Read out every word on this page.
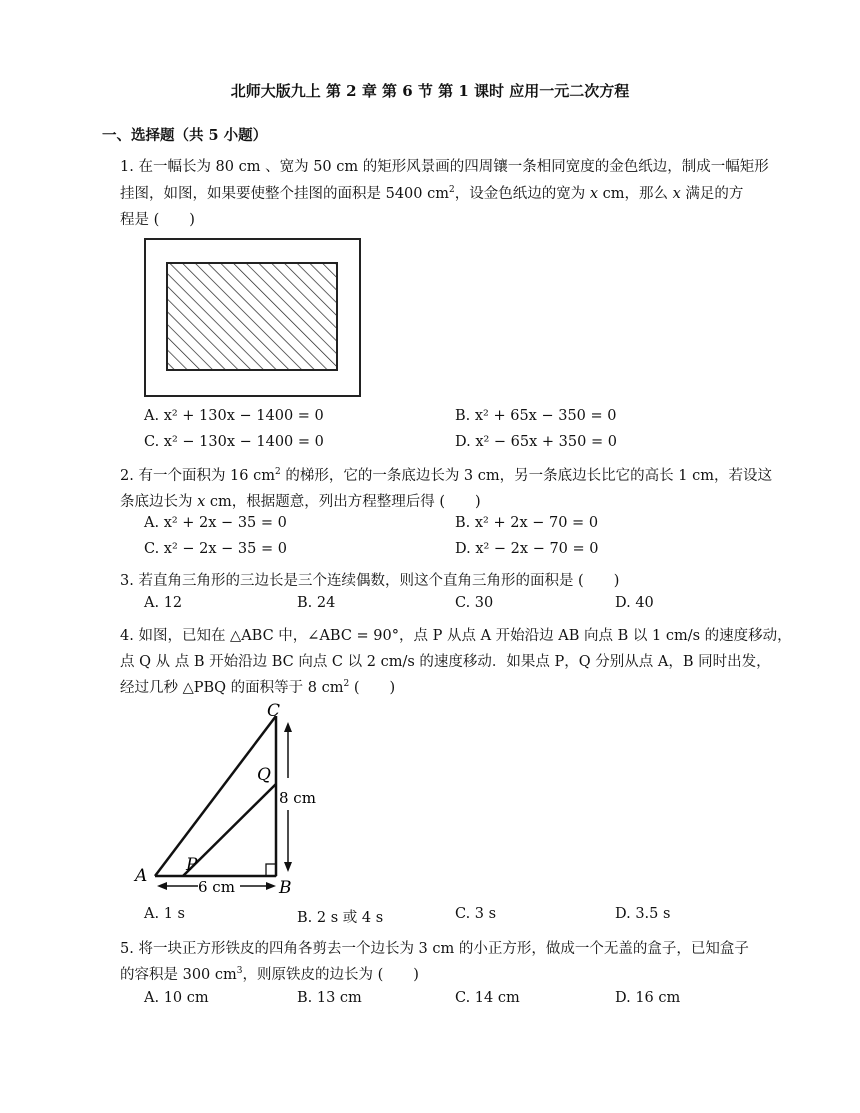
北师大版九上 第 2 章 第 6 节 第 1 课时 应用一元二次方程
一、选择题（共 5 小题）
1. 在一幅长为 80 cm 、宽为 50 cm 的矩形风景画的四周镶一条相同宽度的金色纸边，制成一幅矩形
挂图，如图，如果要使整个挂图的面积是 5400 $cm^2$，设金色纸边的宽为 x cm，那么 x 满足的方
程是 ( )
A. x² + 130x − 1400 = 0	B. x² + 65x − 350 = 0
C. x² − 130x − 1400 = 0	D. x² − 65x + 350 = 0
2. 有一个面积为 16 $cm^2$ 的梯形，它的一条底边长为 3 cm，另一条底边长比它的高长 1 cm，若设这
条底边长为 x cm，根据题意，列出方程整理后得 ( )
A. x² + 2x − 35 = 0	B. x² + 2x − 70 = 0
C. x² − 2x − 35 = 0	D. x² − 2x − 70 = 0
3. 若直角三角形的三边长是三个连续偶数，则这个直角三角形的面积是 ( )
A. 12	B. 24	C. 30	D. 40
4. 如图，已知在 △ABC 中，∠ABC = 90°，点 P 从点 A 开始沿边 AB 向点 B 以 1 cm/s 的速度移动，
点 Q 从 点 B 开始沿边 BC 向点 C 以 2 cm/s 的速度移动．如果点 P，Q 分别从点 A，B 同时出发，
经过几秒 △PBQ 的面积等于 8 $cm^2$ ( )
C
Q
A
P
B
8 cm
6 cm
A. 1 s	B. 2 s 或 4 s	C. 3 s	D. 3.5 s
5. 将一块正方形铁皮的四角各剪去一个边长为 3 cm 的小正方形，做成一个无盖的盒子，已知盒子
的容积是 300 $cm^3$，则原铁皮的边长为 ( )
A. 10 cm	B. 13 cm	C. 14 cm	D. 16 cm
